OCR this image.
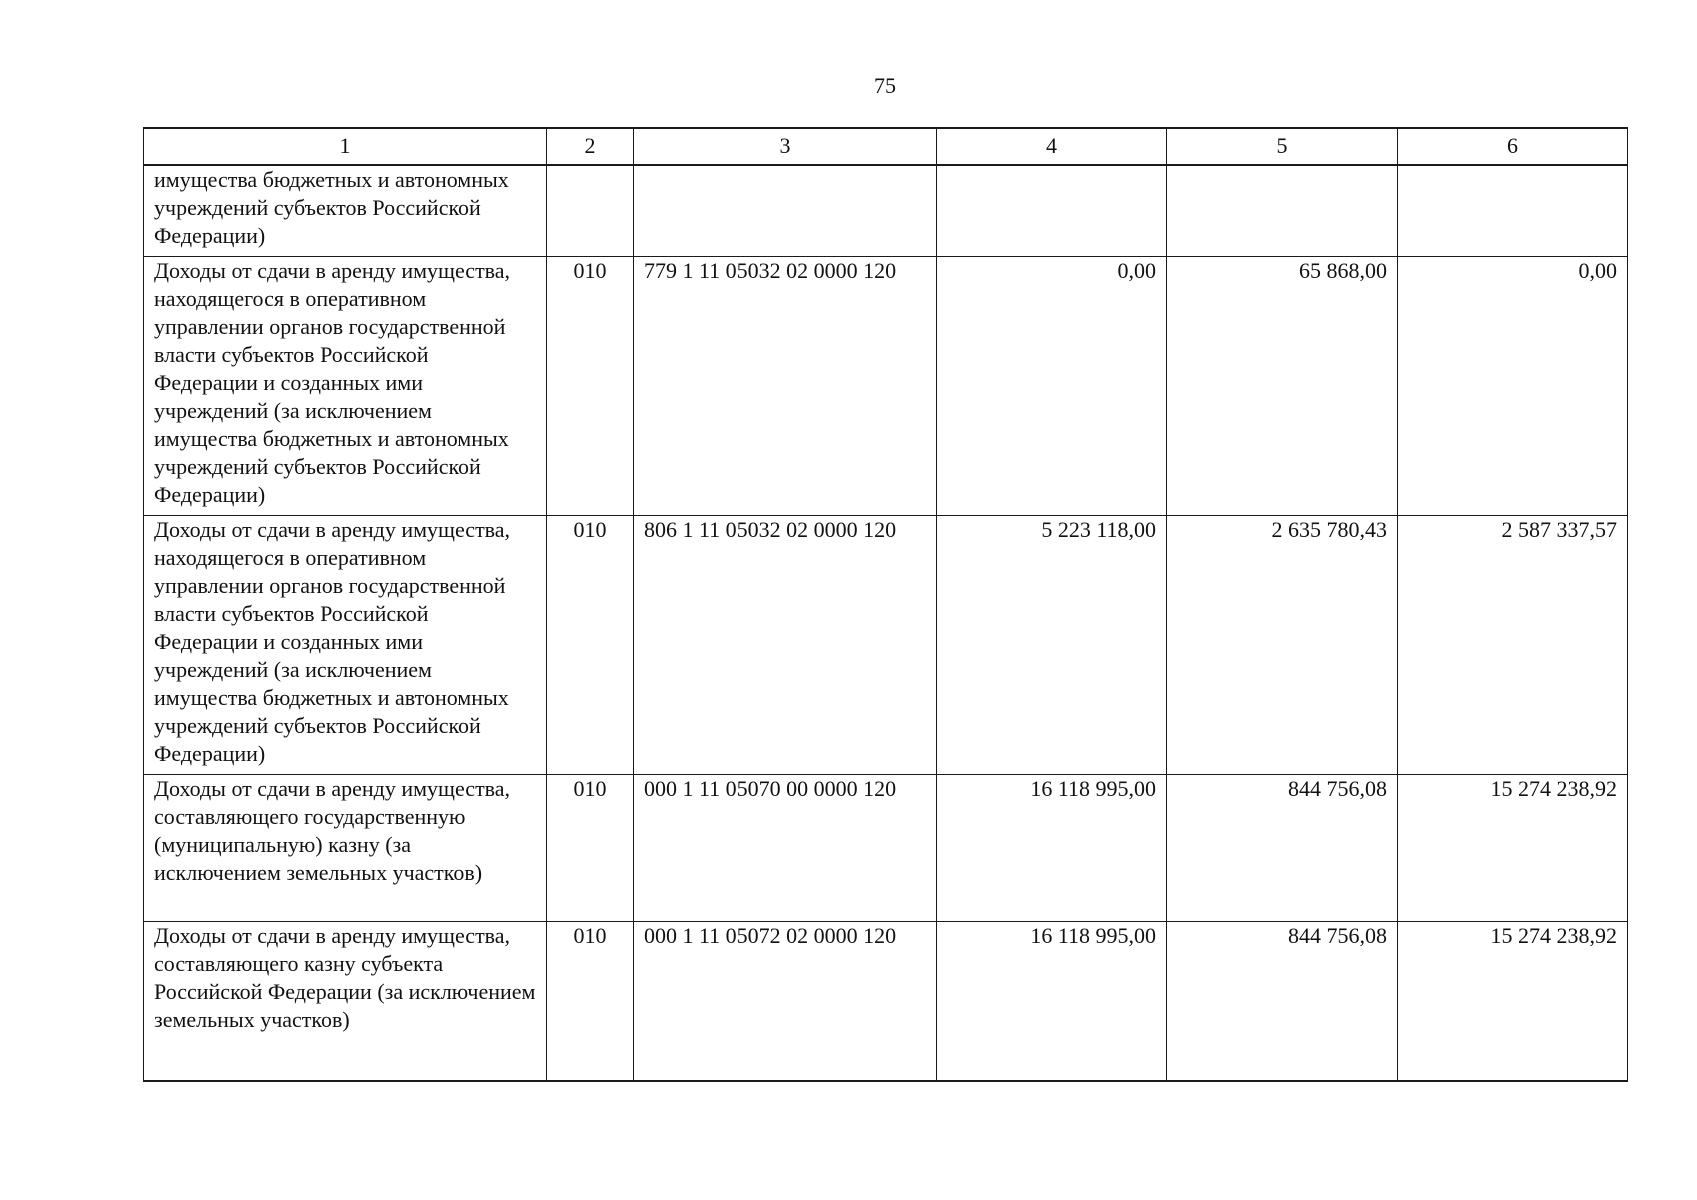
75
1	2	3	4	5	6
имущества бюджетных и автономных учреждений субъектов Российской Федерации)					
Доходы от сдачи в аренду имущества, находящегося в оперативном управлении органов государственной власти субъектов Российской Федерации и созданных ими учреждений (за исключением имущества бюджетных и автономных учреждений субъектов Российской Федерации)	010	779 1 11 05032 02 0000 120	0,00	65 868,00	0,00
Доходы от сдачи в аренду имущества, находящегося в оперативном управлении органов государственной власти субъектов Российской Федерации и созданных ими учреждений (за исключением имущества бюджетных и автономных учреждений субъектов Российской Федерации)	010	806 1 11 05032 02 0000 120	5 223 118,00	2 635 780,43	2 587 337,57
Доходы от сдачи в аренду имущества, составляющего государственную (муниципальную) казну (за исключением земельных участков)	010	000 1 11 05070 00 0000 120	16 118 995,00	844 756,08	15 274 238,92
Доходы от сдачи в аренду имущества, составляющего казну субъекта Российской Федерации (за исключением земельных участков)	010	000 1 11 05072 02 0000 120	16 118 995,00	844 756,08	15 274 238,92
